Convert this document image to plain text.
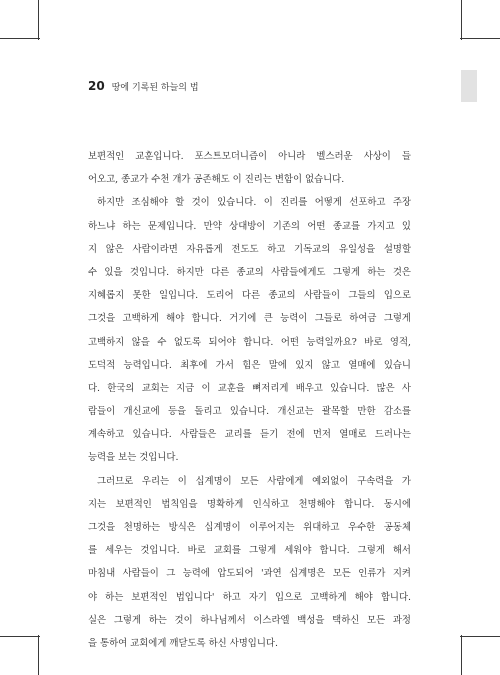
20 땅에 기록된 하늘의 법
보편적인 교훈입니다. 포스트모더니즘이 아니라 벨스러운 사상이 들
어오고, 종교가 수천 개가 공존해도 이 진리는 변함이 없습니다.
하지만 조심해야 할 것이 있습니다. 이 진리를 어떻게 선포하고 주장
하느냐 하는 문제입니다. 만약 상대방이 기존의 어떤 종교를 가지고 있
지 않은 사람이라면 자유롭게 전도도 하고 기독교의 유일성을 설명할
수 있을 것입니다. 하지만 다른 종교의 사람들에게도 그렇게 하는 것은
지혜롭지 못한 일입니다. 도리어 다른 종교의 사람들이 그들의 입으로
그것을 고백하게 해야 합니다. 거기에 큰 능력이 그들로 하여금 그렇게
고백하지 않을 수 없도록 되어야 합니다. 어떤 능력일까요? 바로 영적,
도덕적 능력입니다. 최후에 가서 힘은 말에 있지 않고 열매에 있습니
다. 한국의 교회는 지금 이 교훈을 뼈저리게 배우고 있습니다. 많은 사
람들이 개신교에 등을 돌리고 있습니다. 개신교는 괄목할 만한 감소를
계속하고 있습니다. 사람들은 교리를 듣기 전에 먼저 열매로 드러나는
능력을 보는 것입니다.
그러므로 우리는 이 십계명이 모든 사람에게 예외없이 구속력을 가
지는 보편적인 법칙임을 명확하게 인식하고 천명해야 합니다. 동시에
그것을 천명하는 방식은 십계명이 이루어지는 위대하고 우수한 공동체
를 세우는 것입니다. 바로 교회를 그렇게 세워야 합니다. 그렇게 해서
마침내 사람들이 그 능력에 압도되어 '과연 십계명은 모든 인류가 지켜
야 하는 보편적인 법입니다' 하고 자기 입으로 고백하게 해야 합니다.
실은 그렇게 하는 것이 하나님께서 이스라엘 백성을 택하신 모든 과정
을 통하여 교회에게 깨닫도록 하신 사명입니다.
